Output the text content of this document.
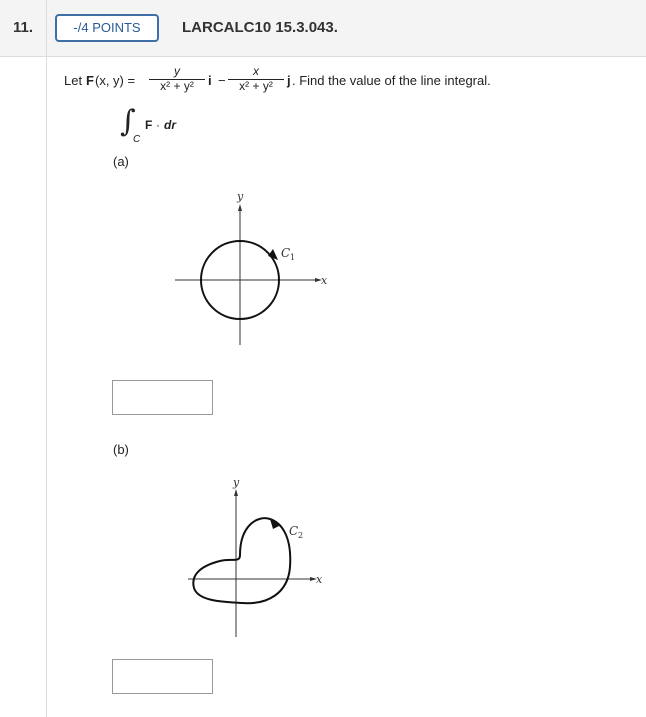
11.	-/4 POINTS	LARCALC10 15.3.043.
Let F (x, y) =
y
x² + y²	i −
x
x² + y²	j . Find the value of the line integral.
∫
C
F · dr
(a)
y
x
C 1
(b)
y
x
C 2
